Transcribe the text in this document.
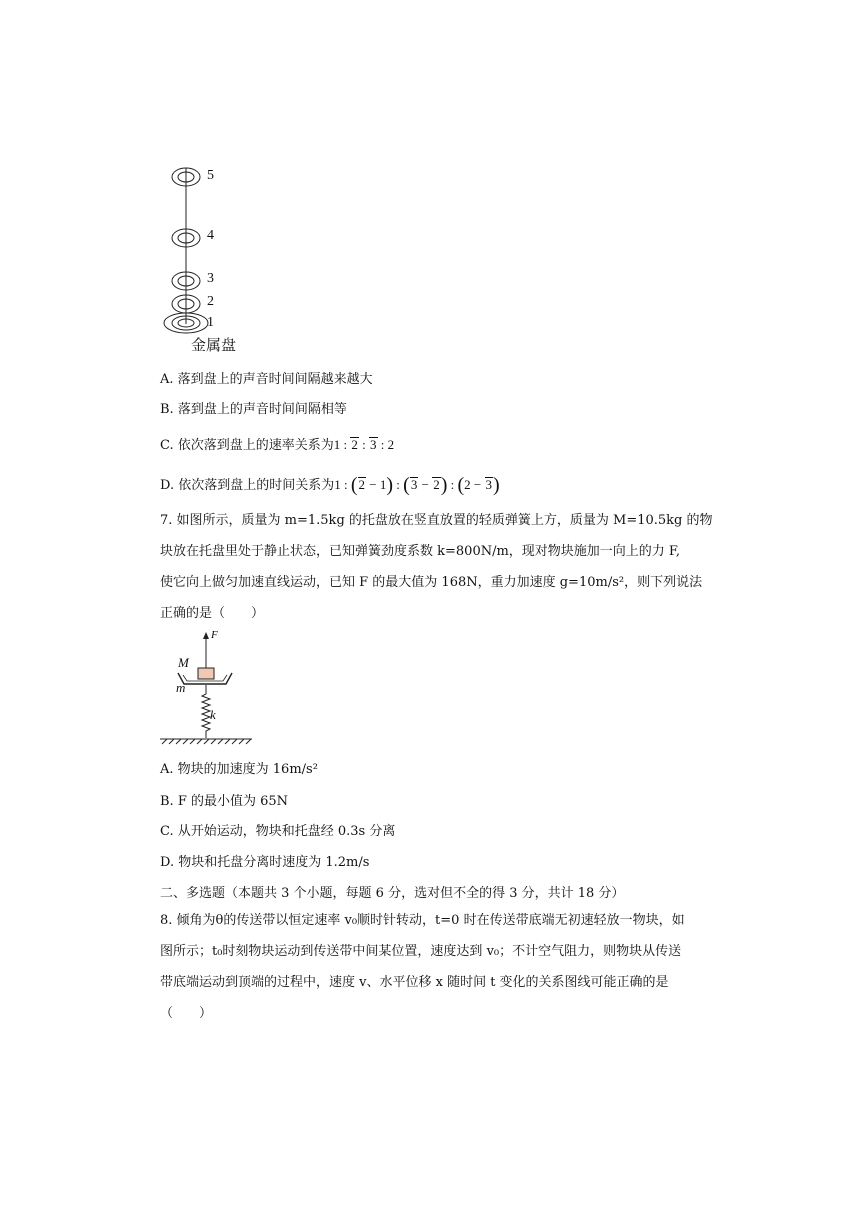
5
4
3
2
1
金属盘
A. 落到盘上的声音时间间隔越来越大
B. 落到盘上的声音时间间隔相等
C. 依次落到盘上的速率关系为1 : 2 : 3 : 2
D. 依次落到盘上的时间关系为1 : (2 − 1) : (3 − 2) : (2 − 3)
7. 如图所示，质量为 m=1.5kg 的托盘放在竖直放置的轻质弹簧上方，质量为 M=10.5kg 的物
块放在托盘里处于静止状态，已知弹簧劲度系数 k=800N/m，现对物块施加一向上的力 F,
使它向上做匀加速直线运动，已知 F 的最大值为 168N，重力加速度 g=10m/s²，则下列说法
正确的是（　　）
F
M
m
k
A. 物块的加速度为 16m/s²
B. F 的最小值为 65N
C. 从开始运动，物块和托盘经 0.3s 分离
D. 物块和托盘分离时速度为 1.2m/s
二、多选题（本题共 3 个小题，每题 6 分，选对但不全的得 3 分，共计 18 分）
8. 倾角为θ的传送带以恒定速率 v₀顺时针转动，t=0 时在传送带底端无初速轻放一物块，如
图所示；t₀时刻物块运动到传送带中间某位置，速度达到 v₀；不计空气阻力，则物块从传送
带底端运动到顶端的过程中，速度 v、水平位移 x 随时间 t 变化的关系图线可能正确的是
（　　）
